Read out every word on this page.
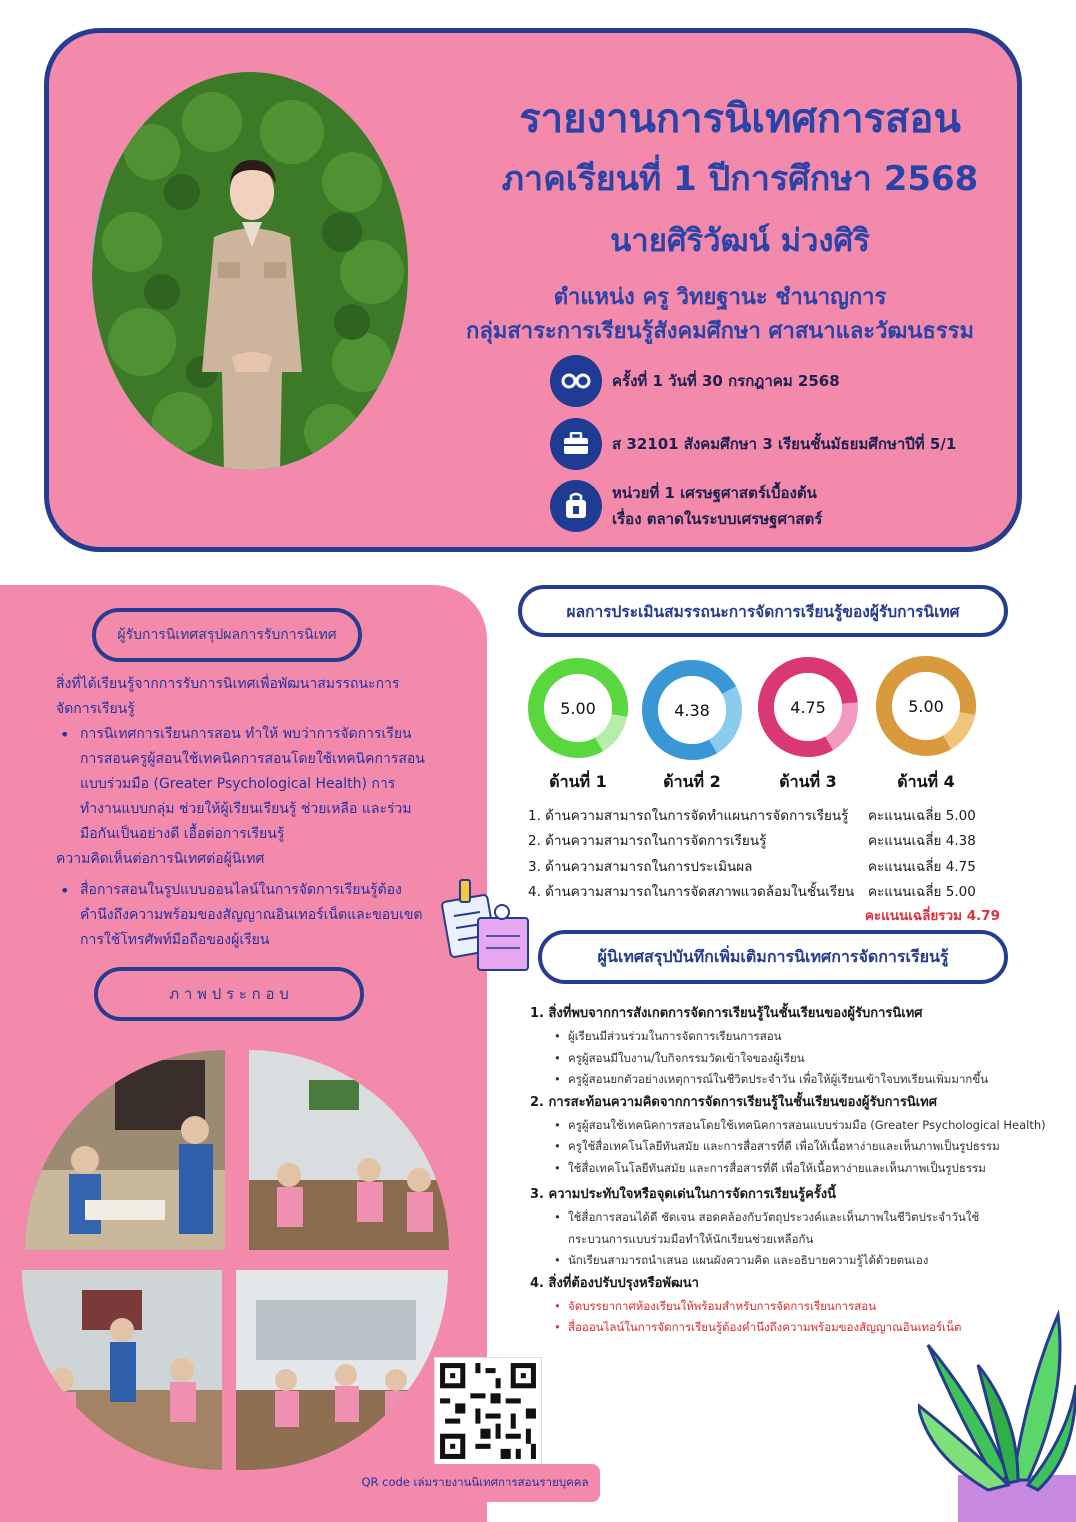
รายงานการนิเทศการสอน
ภาคเรียนที่ 1 ปีการศึกษา 2568
นายศิริวัฒน์ ม่วงศิริ
ตำแหน่ง ครู วิทยฐานะ ชำนาญการ
กลุ่มสาระการเรียนรู้สังคมศึกษา ศาสนาและวัฒนธรรม
ครั้งที่ 1 วันที่ 30 กรกฎาคม 2568
ส 32101 สังคมศึกษา 3 เรียนชั้นมัธยมศึกษาปีที่ 5/1
หน่วยที่ 1 เศรษฐศาสตร์เบื้องต้น
เรื่อง ตลาดในระบบเศรษฐศาสตร์
ผู้รับการนิเทศสรุปผลการรับการนิเทศ
สิ่งที่ได้เรียนรู้จากการรับการนิเทศเพื่อพัฒนาสมรรถนะการจัดการเรียนรู้
• การนิเทศการเรียนการสอน ทำให้ พบว่าการจัดการเรียนการสอนครูผู้สอนใช้เทคนิคการสอนโดยใช้เทคนิคการสอนแบบร่วมมือ (Greater Psychological Health) การทำงานแบบกลุ่ม ช่วยให้ผู้เรียนเรียนรู้ ช่วยเหลือ และร่วมมือกันเป็นอย่างดี เอื้อต่อการเรียนรู้
ความคิดเห็นต่อการนิเทศต่อผู้นิเทศ
• สื่อการสอนในรูปแบบออนไลน์ในการจัดการเรียนรู้ต้องคำนึงถึงความพร้อมของสัญญาณอินเทอร์เน็ตและขอบเขตการใช้โทรศัพท์มือถือของผู้เรียน
ภ า พ ป ร ะ ก อ บ
QR code เล่มรายงานนิเทศการสอนรายบุคคล
ผลการประเมินสมรรถนะการจัดการเรียนรู้ของผู้รับการนิเทศ
5.00	4.38	4.75	5.00
ด้านที่ 1	ด้านที่ 2	ด้านที่ 3	ด้านที่ 4
1. ด้านความสามารถในการจัดทำแผนการจัดการเรียนรู้ คะแนนเฉลี่ย 5.00
2. ด้านความสามารถในการจัดการเรียนรู้	คะแนนเฉลี่ย 4.38
3. ด้านความสามารถในการประเมินผล	คะแนนเฉลี่ย 4.75
4. ด้านความสามารถในการจัดสภาพแวดล้อมในชั้นเรียน คะแนนเฉลี่ย 5.00
คะแนนเฉลี่ยรวม 4.79
ผู้นิเทศสรุปบันทึกเพิ่มเติมการนิเทศการจัดการเรียนรู้
1. สิ่งที่พบจากการสังเกตการจัดการเรียนรู้ในชั้นเรียนของผู้รับการนิเทศ
• ผู้เรียนมีส่วนร่วมในการจัดการเรียนการสอน
• ครูผู้สอนมีใบงาน/ใบกิจกรรมวัดเข้าใจของผู้เรียน
• ครูผู้สอนยกตัวอย่างเหตุการณ์ในชีวิตประจำวัน เพื่อให้ผู้เรียนเข้าใจบทเรียนเพิ่มมากขึ้น
2. การสะท้อนความคิดจากการจัดการเรียนรู้ในชั้นเรียนของผู้รับการนิเทศ
• ครูผู้สอนใช้เทคนิคการสอนโดยใช้เทคนิคการสอนแบบร่วมมือ (Greater Psychological Health)
• ครูใช้สื่อเทคโนโลยีทันสมัย และการสื่อสารที่ดี เพื่อให้เนื้อหาง่ายและเห็นภาพเป็นรูปธรรม
• ใช้สื่อเทคโนโลยีทันสมัย และการสื่อสารที่ดี เพื่อให้เนื้อหาง่ายและเห็นภาพเป็นรูปธรรม
3. ความประทับใจหรือจุดเด่นในการจัดการเรียนรู้ครั้งนี้
• ใช้สื่อการสอนได้ดี ชัดเจน สอดคล้องกับวัตถุประวงค์และเห็นภาพในชีวิตประจำวันใช้กระบวนการแบบร่วมมือทำให้นักเรียนช่วยเหลือกัน
• นักเรียนสามารถนำเสนอ แผนผังความคิด และอธิบายความรู้ได้ด้วยตนเอง
4. สิ่งที่ต้องปรับปรุงหรือพัฒนา
• จัดบรรยากาศห้องเรียนให้พร้อมสำหรับการจัดการเรียนการสอน
• สื่อออนไลน์ในการจัดการเรียนรู้ต้องคำนึงถึงความพร้อมของสัญญาณอินเทอร์เน็ต
